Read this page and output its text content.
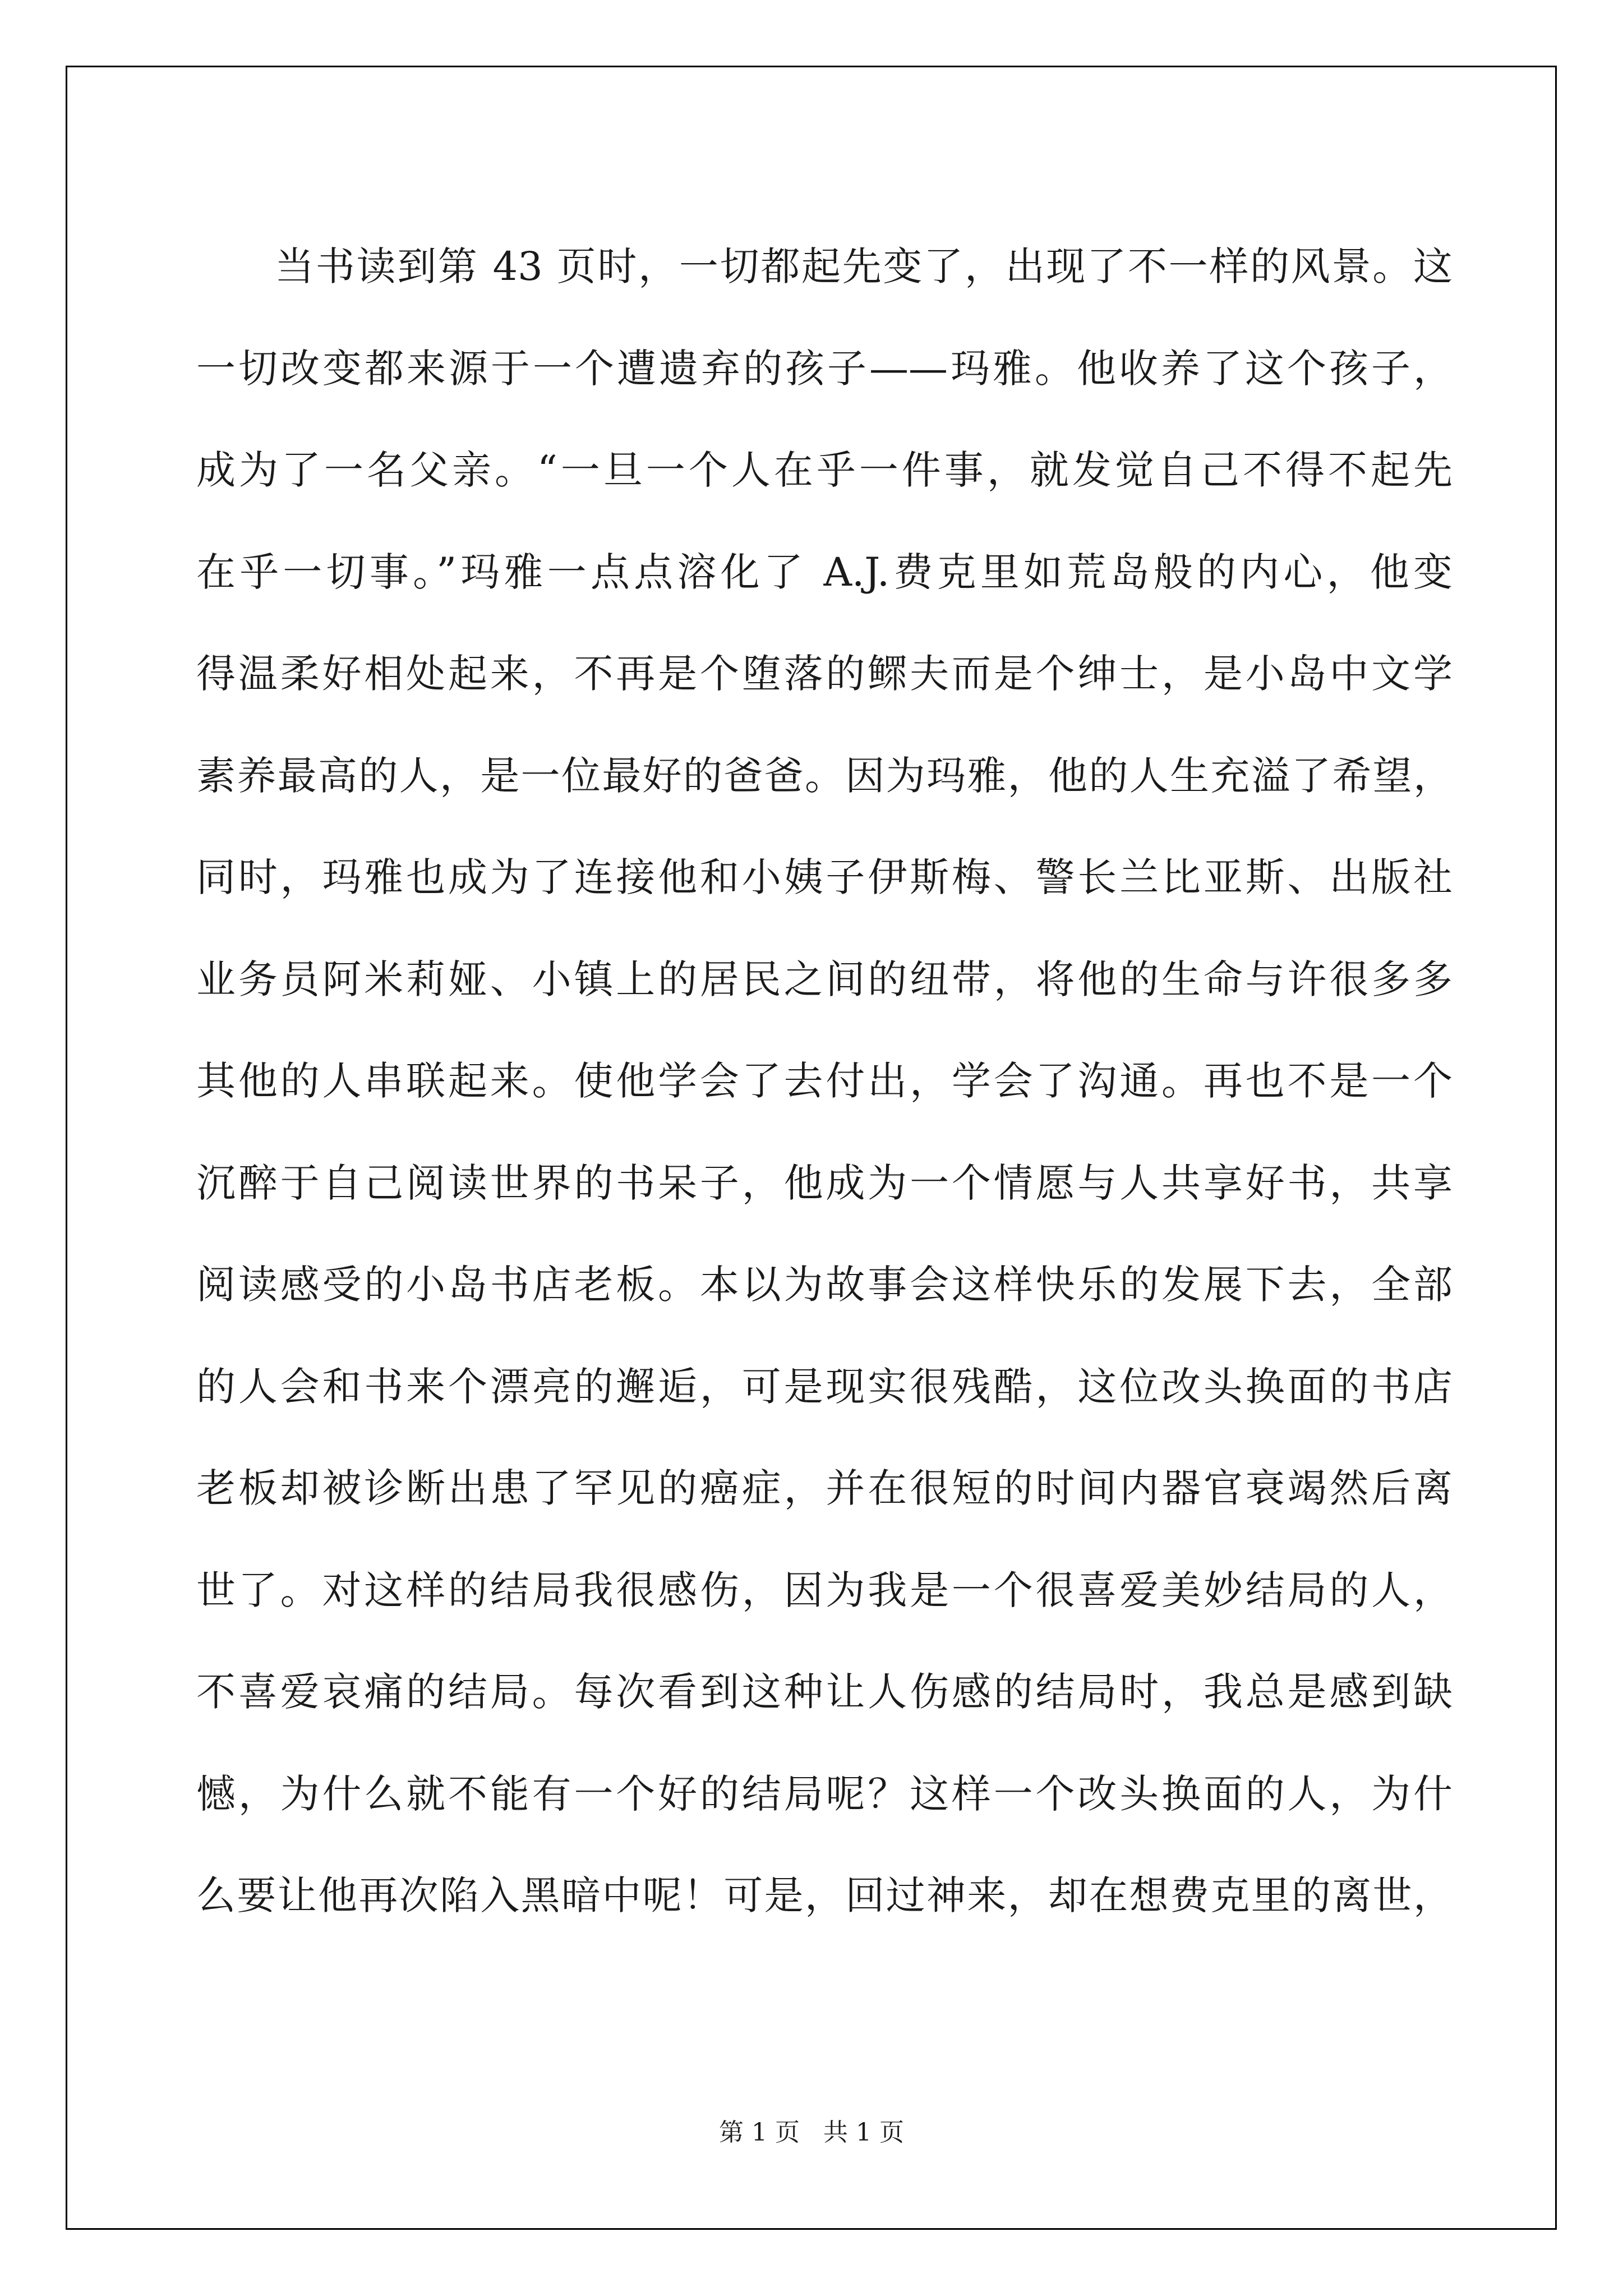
当书读到第 43 页时，一切都起先变了，出现了不一样的风景。这
一切改变都来源于一个遭遗弃的孩子——玛雅。他收养了这个孩子，
成为了一名父亲。“一旦一个人在乎一件事，就发觉自己不得不起先
在乎一切事。”玛雅一点点溶化了 A.J.费克里如荒岛般的内心，他变
得温柔好相处起来，不再是个堕落的鳏夫而是个绅士，是小岛中文学
素养最高的人，是一位最好的爸爸。因为玛雅，他的人生充溢了希望，
同时，玛雅也成为了连接他和小姨子伊斯梅、警长兰比亚斯、出版社
业务员阿米莉娅、小镇上的居民之间的纽带，将他的生命与许很多多
其他的人串联起来。使他学会了去付出，学会了沟通。再也不是一个
沉醉于自己阅读世界的书呆子，他成为一个情愿与人共享好书，共享
阅读感受的小岛书店老板。本以为故事会这样快乐的发展下去，全部
的人会和书来个漂亮的邂逅，可是现实很残酷，这位改头换面的书店
老板却被诊断出患了罕见的癌症，并在很短的时间内器官衰竭然后离
世了。对这样的结局我很感伤，因为我是一个很喜爱美妙结局的人，
不喜爱哀痛的结局。每次看到这种让人伤感的结局时，我总是感到缺
憾，为什么就不能有一个好的结局呢？这样一个改头换面的人，为什
么要让他再次陷入黑暗中呢！可是，回过神来，却在想费克里的离世，
第 1 页   共 1 页
